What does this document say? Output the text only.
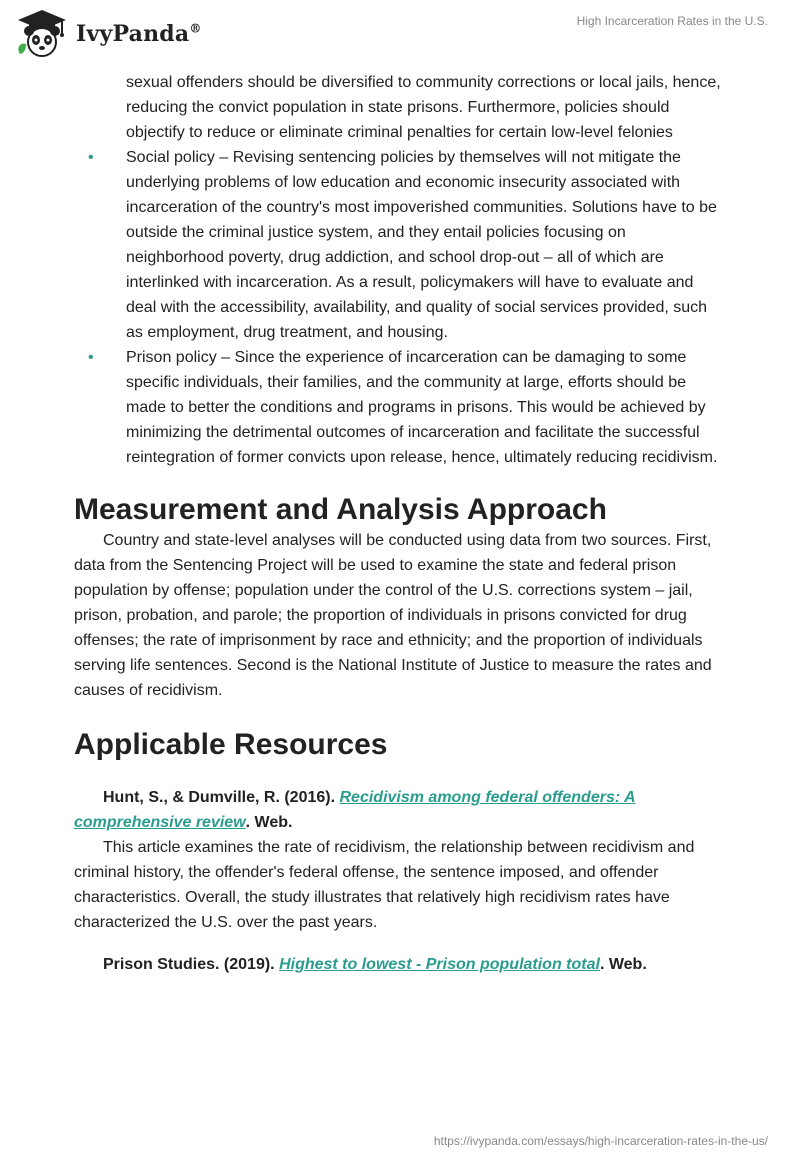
IvyPanda®
High Incarceration Rates in the U.S.
sexual offenders should be diversified to community corrections or local jails, hence, reducing the convict population in state prisons. Furthermore, policies should objectify to reduce or eliminate criminal penalties for certain low-level felonies
• Social policy – Revising sentencing policies by themselves will not mitigate the underlying problems of low education and economic insecurity associated with incarceration of the country's most impoverished communities. Solutions have to be outside the criminal justice system, and they entail policies focusing on neighborhood poverty, drug addiction, and school drop-out – all of which are interlinked with incarceration. As a result, policymakers will have to evaluate and deal with the accessibility, availability, and quality of social services provided, such as employment, drug treatment, and housing.
• Prison policy – Since the experience of incarceration can be damaging to some specific individuals, their families, and the community at large, efforts should be made to better the conditions and programs in prisons. This would be achieved by minimizing the detrimental outcomes of incarceration and facilitate the successful reintegration of former convicts upon release, hence, ultimately reducing recidivism.
Measurement and Analysis Approach

Country and state-level analyses will be conducted using data from two sources. First, data from the Sentencing Project will be used to examine the state and federal prison population by offense; population under the control of the U.S. corrections system – jail, prison, probation, and parole; the proportion of individuals in prisons convicted for drug offenses; the rate of imprisonment by race and ethnicity; and the proportion of individuals serving life sentences. Second is the National Institute of Justice to measure the rates and causes of recidivism.

Applicable Resources

Hunt, S., & Dumville, R. (2016). Recidivism among federal offenders: A comprehensive review. Web.

This article examines the rate of recidivism, the relationship between recidivism and criminal history, the offender's federal offense, the sentence imposed, and offender characteristics. Overall, the study illustrates that relatively high recidivism rates have characterized the U.S. over the past years.

Prison Studies. (2019). Highest to lowest - Prison population total. Web.

https://ivypanda.com/essays/high-incarceration-rates-in-the-us/
